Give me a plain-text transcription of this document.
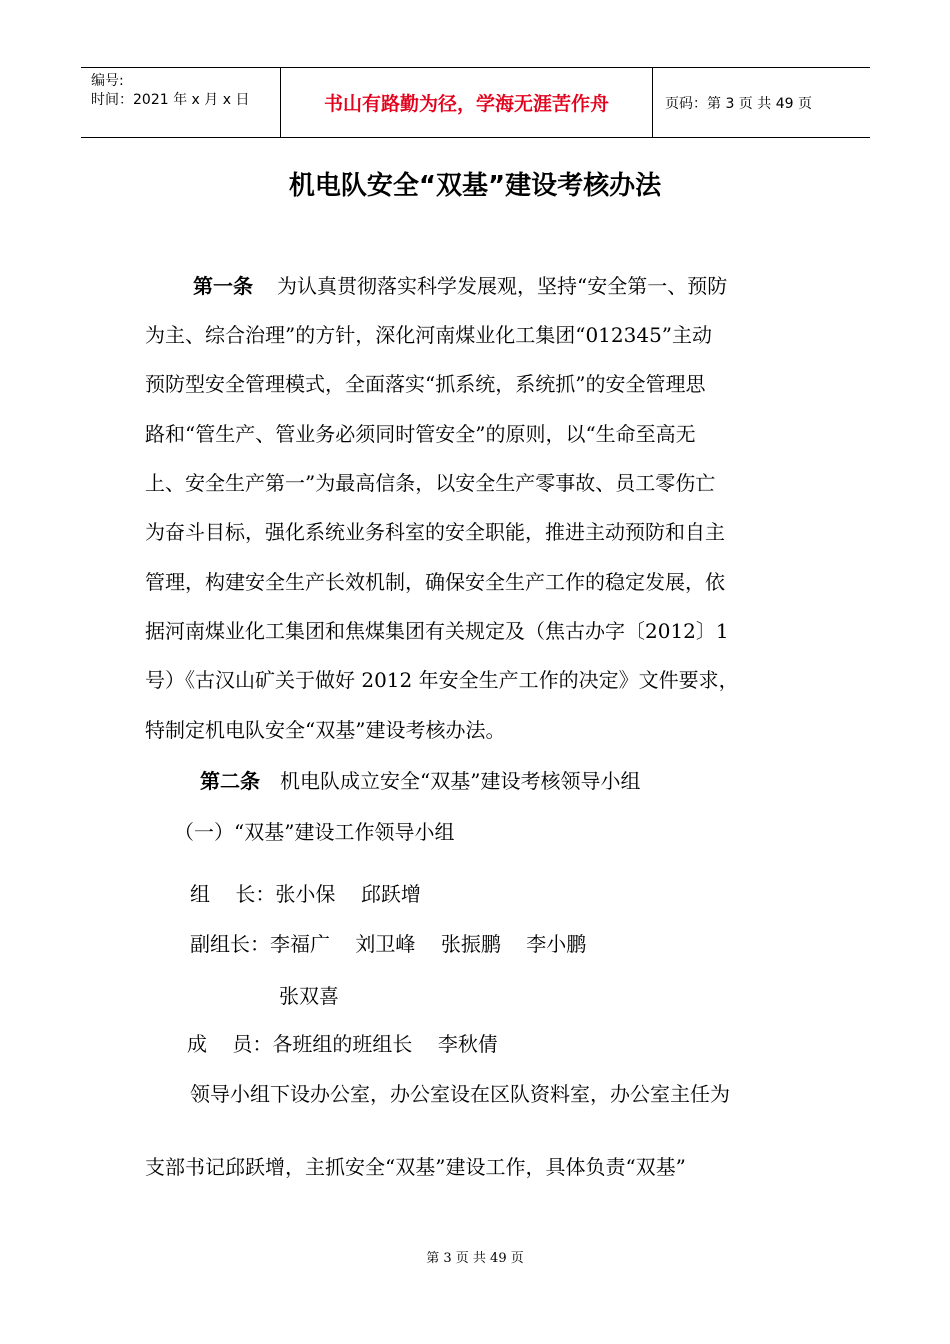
编号:
时间：2021 年 x 月 x 日	书山有路勤为径，学海无涯苦作舟	页码：第 3 页 共 49 页
机电队安全“双基”建设考核办法
第一条 为认真贯彻落实科学发展观，坚持“安全第一、预防
为主、综合治理”的方针，深化河南煤业化工集团“012345”主动
预防型安全管理模式，全面落实“抓系统，系统抓”的安全管理思
路和“管生产、管业务必须同时管安全”的原则，以“生命至高无
上、安全生产第一”为最高信条，以安全生产零事故、员工零伤亡
为奋斗目标，强化系统业务科室的安全职能，推进主动预防和自主
管理，构建安全生产长效机制，确保安全生产工作的稳定发展，依
据河南煤业化工集团和焦煤集团有关规定及（焦古办字〔2012〕1
号）《古汉山矿关于做好 2012 年安全生产工作的决定》文件要求，
特制定机电队安全“双基”建设考核办法。
第二条 机电队成立安全“双基”建设考核领导小组
（一）“双基”建设工作领导小组
组    长：张小保    邱跃增
副组长：李福广    刘卫峰    张振鹏    李小鹏
张双喜
成    员：各班组的班组长    李秋倩
领导小组下设办公室，办公室设在区队资料室，办公室主任为
支部书记邱跃增，主抓安全“双基”建设工作，具体负责“双基”
第 3 页 共 49 页
